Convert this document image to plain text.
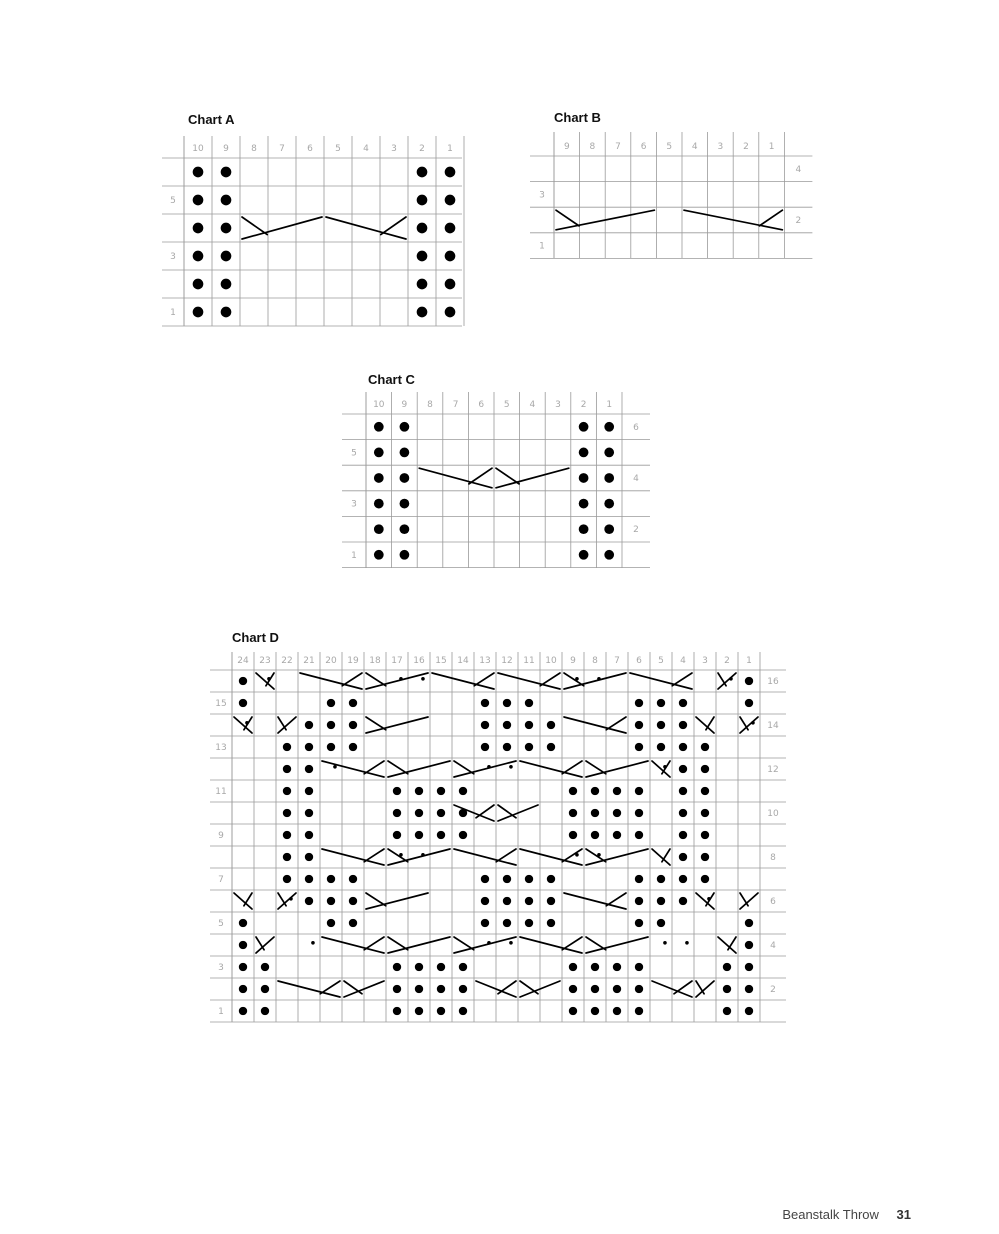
Chart A
10 9 8 7 6 5 4 3 2 1
1
3
5
Chart B
9 8 7 6 5 4 3 2 1
1
3
2
4
Chart C
10 9 8 7 6 5 4 3 2 1
1
3
5
2
4
6
Chart D
24 23 22 21 20 19 18 17 16 15 14 13 12 11 10 9 8 7 6 5 4 3 2 1
1
3
5
7
9
11
13
15
2
4
6
8
10
12
14
16
Beanstalk Throw 31
